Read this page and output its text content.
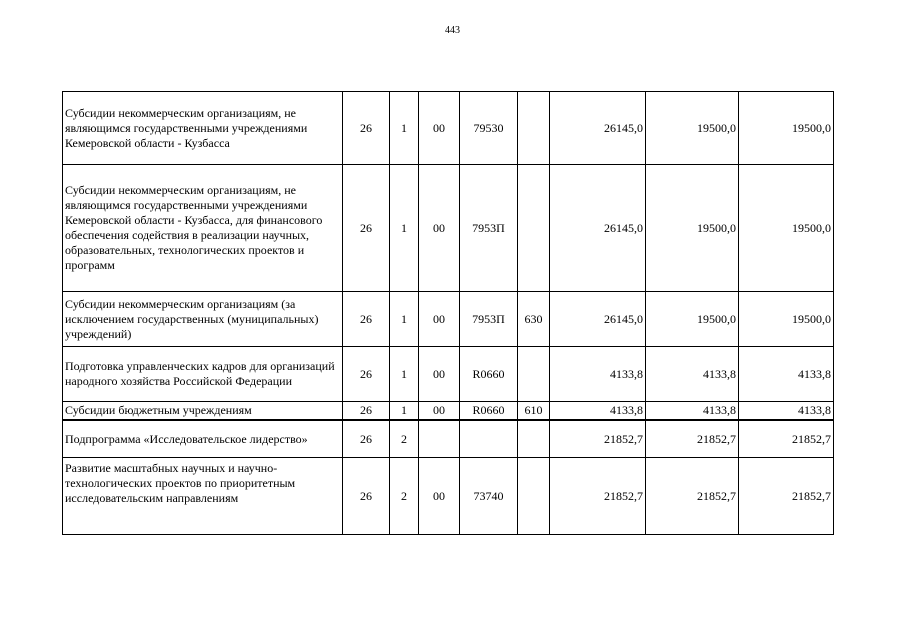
443
Субсидии некоммерческим организациям, не являющимся государственными учреждениями Кемеровской области - Кузбасса	26	1	00	79530		26145,0	19500,0	19500,0
Субсидии некоммерческим организациям, не являющимся государственными учреждениями Кемеровской области - Кузбасса, для финансового обеспечения содействия в реализации научных, образовательных, технологических проектов и программ	26	1	00	7953П		26145,0	19500,0	19500,0
Субсидии некоммерческим организациям (за исключением государственных (муниципальных) учреждений)	26	1	00	7953П	630	26145,0	19500,0	19500,0
Подготовка управленческих кадров для организаций народного хозяйства Российской Федерации	26	1	00	R0660		4133,8	4133,8	4133,8
Субсидии бюджетным учреждениям	26	1	00	R0660	610	4133,8	4133,8	4133,8
Подпрограмма «Исследовательское лидерство»	26	2				21852,7	21852,7	21852,7
Развитие масштабных научных и научно-технологических проектов по приоритетным исследовательским направлениям	26	2	00	73740		21852,7	21852,7	21852,7
